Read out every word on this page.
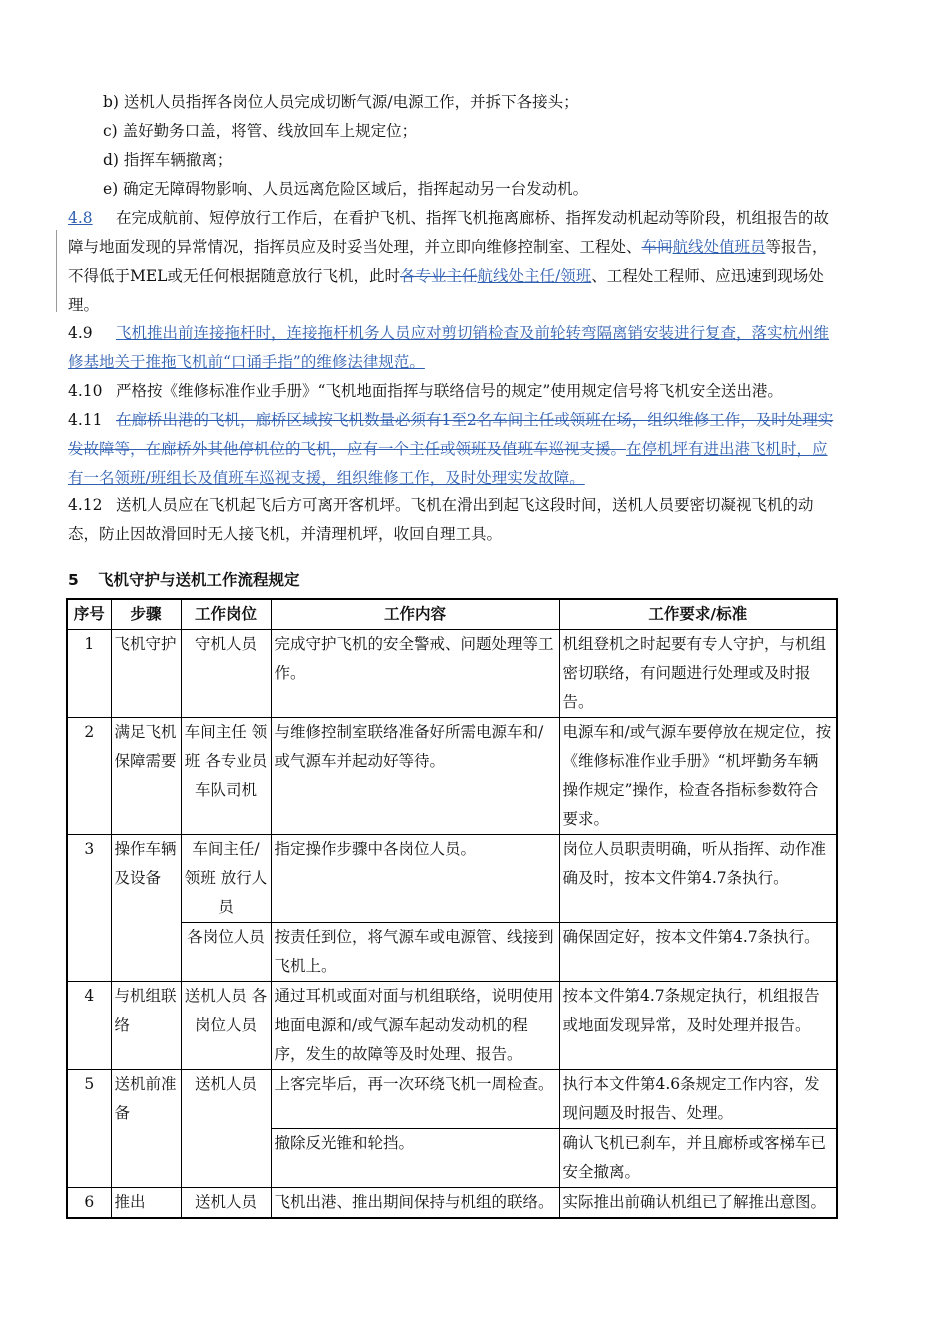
b) 送机人员指挥各岗位人员完成切断气源/电源工作，并拆下各接头；
c) 盖好勤务口盖，将管、线放回车上规定位；
d) 指挥车辆撤离；
e) 确定无障碍物影响、人员远离危险区域后，指挥起动另一台发动机。
4.8 在完成航前、短停放行工作后，在看护飞机、指挥飞机拖离廊桥、指挥发动机起动等阶段，机组报告的故障与地面发现的异常情况，指挥员应及时妥当处理，并立即向维修控制室、工程处、车间航线处值班员等报告，不得低于MEL或无任何根据随意放行飞机，此时各专业主任航线处主任/领班、工程处工程师、应迅速到现场处理。
4.9 飞机推出前连接拖杆时，连接拖杆机务人员应对剪切销检查及前轮转弯隔离销安装进行复查，落实杭州维修基地关于推拖飞机前“口诵手指”的维修法律规范。
4.10 严格按《维修标准作业手册》“飞机地面指挥与联络信号的规定”使用规定信号将飞机安全送出港。
4.11 在廊桥出港的飞机，廊桥区域按飞机数量必须有1至2名车间主任或领班在场，组织维修工作，及时处理实发故障等，在廊桥外其他停机位的飞机，应有一个主任或领班及值班车巡视支援。在停机坪有进出港飞机时，应有一名领班/班组长及值班车巡视支援，组织维修工作，及时处理实发故障。
4.12 送机人员应在飞机起飞后方可离开客机坪。飞机在滑出到起飞这段时间，送机人员要密切凝视飞机的动态，防止因故滑回时无人接飞机，并清理机坪，收回自理工具。
5 飞机守护与送机工作流程规定
序号	步骤	工作岗位	工作内容	工作要求/标准
1	飞机守护	守机人员	完成守护飞机的安全警戒、问题处理等工作。	机组登机之时起要有专人守护，与机组密切联络，有问题进行处理或及时报告。
2	满足飞机保障需要	车间主任 领班 各专业员 车队司机	与维修控制室联络准备好所需电源车和/或气源车并起动好等待。	电源车和/或气源车要停放在规定位，按《维修标准作业手册》“机坪勤务车辆操作规定”操作，检查各指标参数符合要求。
3	操作车辆及设备	车间主任/ 领班 放行人员	指定操作步骤中各岗位人员。	岗位人员职责明确，听从指挥、动作准确及时，按本文件第4.7条执行。
		各岗位人员	按责任到位，将气源车或电源管、线接到飞机上。	确保固定好，按本文件第4.7条执行。
4	与机组联络	送机人员 各岗位人员	通过耳机或面对面与机组联络，说明使用地面电源和/或气源车起动发动机的程序，发生的故障等及时处理、报告。	按本文件第4.7条规定执行，机组报告或地面发现异常，及时处理并报告。
5	送机前准备	送机人员	上客完毕后，再一次环绕飞机一周检查。	执行本文件第4.6条规定工作内容，发现问题及时报告、处理。
			撤除反光锥和轮挡。	确认飞机已刹车，并且廊桥或客梯车已安全撤离。
6	推出	送机人员	飞机出港、推出期间保持与机组的联络。	实际推出前确认机组已了解推出意图。
